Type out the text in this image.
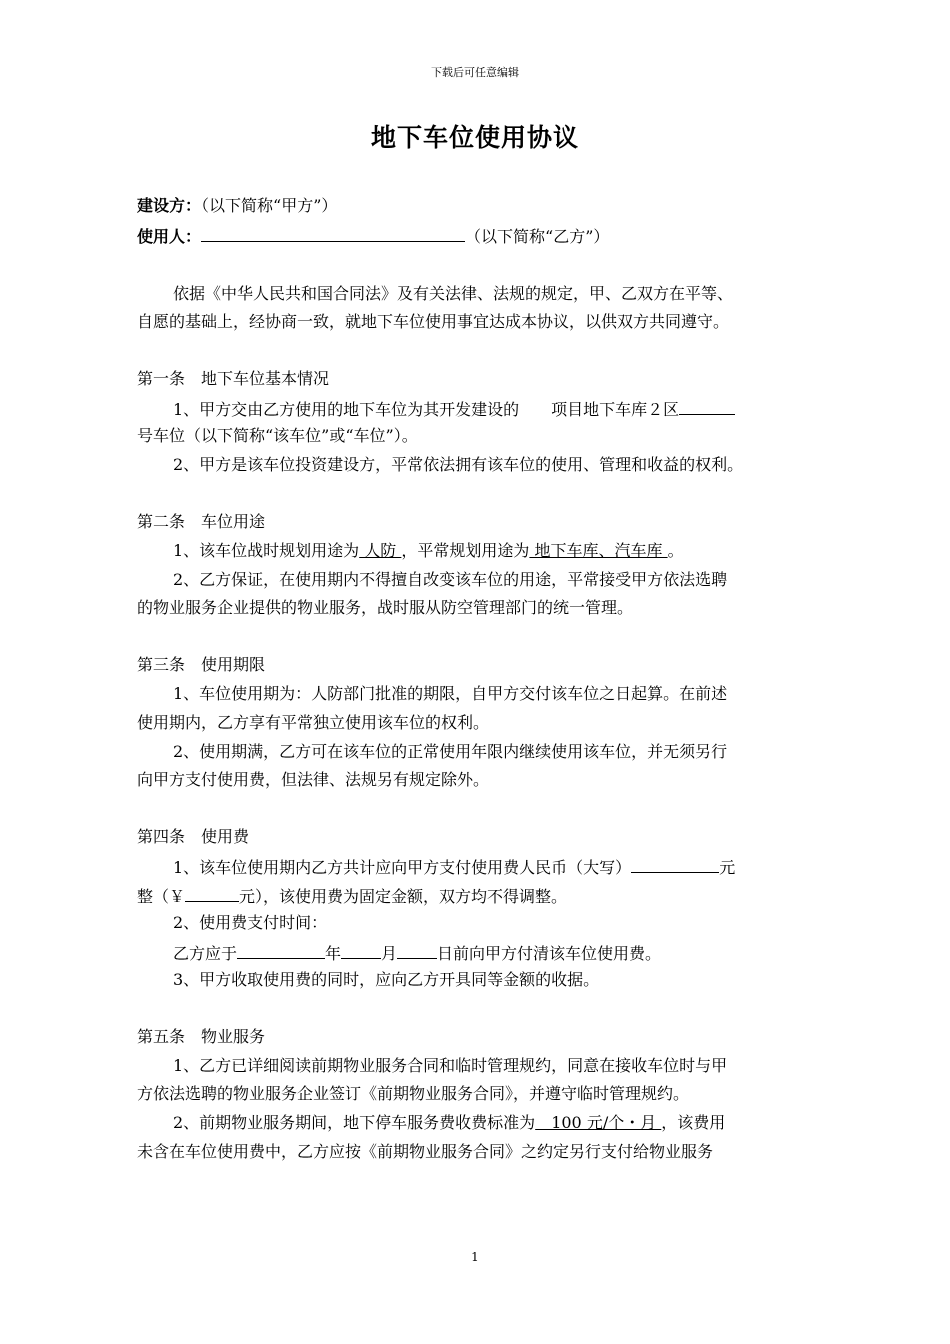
下载后可任意编辑
地下车位使用协议
建设方：（以下简称“甲方”）
使用人：	（以下简称“乙方”）
依据《中华人民共和国合同法》及有关法律、法规的规定，甲、乙双方在平等、
自愿的基础上，经协商一致，就地下车位使用事宜达成本协议，以供双方共同遵守。
第一条　地下车位基本情况
1、甲方交由乙方使用的地下车位为其开发建设的　　项目地下车库２区
号车位（以下简称“该车位”或“车位”）。
2、甲方是该车位投资建设方，平常依法拥有该车位的使用、管理和收益的权利。
第二条　车位用途
1、该车位战时规划用途为 人防 ，平常规划用途为 地下车库、汽车库 。
2、乙方保证，在使用期内不得擅自改变该车位的用途，平常接受甲方依法选聘
的物业服务企业提供的物业服务，战时服从防空管理部门的统一管理。
第三条　使用期限
1、车位使用期为：人防部门批准的期限，自甲方交付该车位之日起算。在前述
使用期内，乙方享有平常独立使用该车位的权利。
2、使用期满，乙方可在该车位的正常使用年限内继续使用该车位，并无须另行
向甲方支付使用费，但法律、法规另有规定除外。
第四条　使用费
1、该车位使用期内乙方共计应向甲方支付使用费人民币（大写）	元
整（￥	元），该使用费为固定金额，双方均不得调整。
2、使用费支付时间：
乙方应于	年	月	日前向甲方付清该车位使用费。
3、甲方收取使用费的同时，应向乙方开具同等金额的收据。
第五条　物业服务
1、乙方已详细阅读前期物业服务合同和临时管理规约，同意在接收车位时与甲
方依法选聘的物业服务企业签订《前期物业服务合同》，并遵守临时管理规约。
2、前期物业服务期间，地下停车服务费收费标准为　100 元/个・月 ，该费用
未含在车位使用费中，乙方应按《前期物业服务合同》之约定另行支付给物业服务
1
